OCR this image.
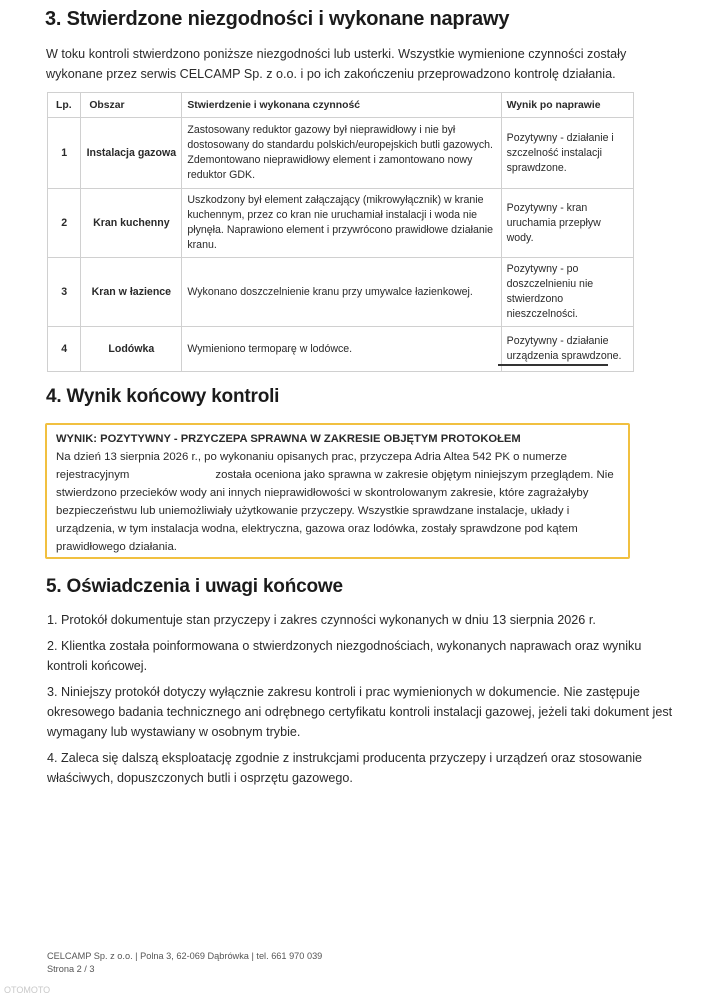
3. Stwierdzone niezgodności i wykonane naprawy
W toku kontroli stwierdzono poniższe niezgodności lub usterki. Wszystkie wymienione czynności zostały
wykonane przez serwis CELCAMP Sp. z o.o. i po ich zakończeniu przeprowadzono kontrolę działania.
Lp.	Obszar	Stwierdzenie i wykonana czynność	Wynik po naprawie
1	Instalacja gazowa	Zastosowany reduktor gazowy był nieprawidłowy i nie był dostosowany do standardu polskich/europejskich butli gazowych. Zdemontowano nieprawidłowy element i zamontowano nowy reduktor GDK.	Pozytywny - działanie i
szczelność instalacji
sprawdzone.

2	Kran kuchenny	Uszkodzony był element załączający (mikrowyłącznik) w kranie kuchennym, przez co kran nie uruchamiał instalacji i woda nie płynęła. Naprawiono element i przywrócono prawidłowe działanie kranu.	Pozytywny - kran
uruchamia przepływ wody.

3	Kran w łazience	Wykonano doszczelnienie kranu przy umywalce łazienkowej.	Pozytywny - po
doszczelnieniu nie
stwierdzono
nieszczelności.

4	Lodówka	Wymieniono termoparę w lodówce.	Pozytywny - działanie
urządzenia sprawdzone.
4. Wynik końcowy kontroli
WYNIK: POZYTYWNY - PRZYCZEPA SPRAWNA W ZAKRESIE OBJĘTYM PROTOKOŁEM

Na dzień 13 sierpnia 2026 r., po wykonaniu opisanych prac, przyczepa Adria Altea 542 PK o numerze rejestracyjnym	została oceniona jako sprawna w zakresie objętym niniejszym przeglądem. Nie stwierdzono przecieków wody ani innych nieprawidłowości w skontrolowanym zakresie, które zagrażałyby bezpieczeństwu lub uniemożliwiały użytkowanie przyczepy. Wszystkie sprawdzane instalacje, układy i urządzenia, w tym instalacja wodna, elektryczna, gazowa oraz lodówka, zostały sprawdzone pod kątem prawidłowego działania.

5. Oświadczenia i uwagi końcowe

1. Protokół dokumentuje stan przyczepy i zakres czynności wykonanych w dniu 13 sierpnia 2026 r.

2. Klientka została poinformowana o stwierdzonych niezgodnościach, wykonanych naprawach oraz wyniku kontroli końcowej.

3. Niniejszy protokół dotyczy wyłącznie zakresu kontroli i prac wymienionych w dokumencie. Nie zastępuje okresowego badania technicznego ani odrębnego certyfikatu kontroli instalacji gazowej, jeżeli taki dokument jest wymagany lub wystawiany w osobnym trybie.

4. Zaleca się dalszą eksploatację zgodnie z instrukcjami producenta przyczepy i urządzeń oraz stosowanie właściwych, dopuszczonych butli i osprzętu gazowego.

CELCAMP Sp. z o.o. | Polna 3, 62-069 Dąbrówka | tel. 661 970 039
Strona 2 / 3
OTOMOTO
